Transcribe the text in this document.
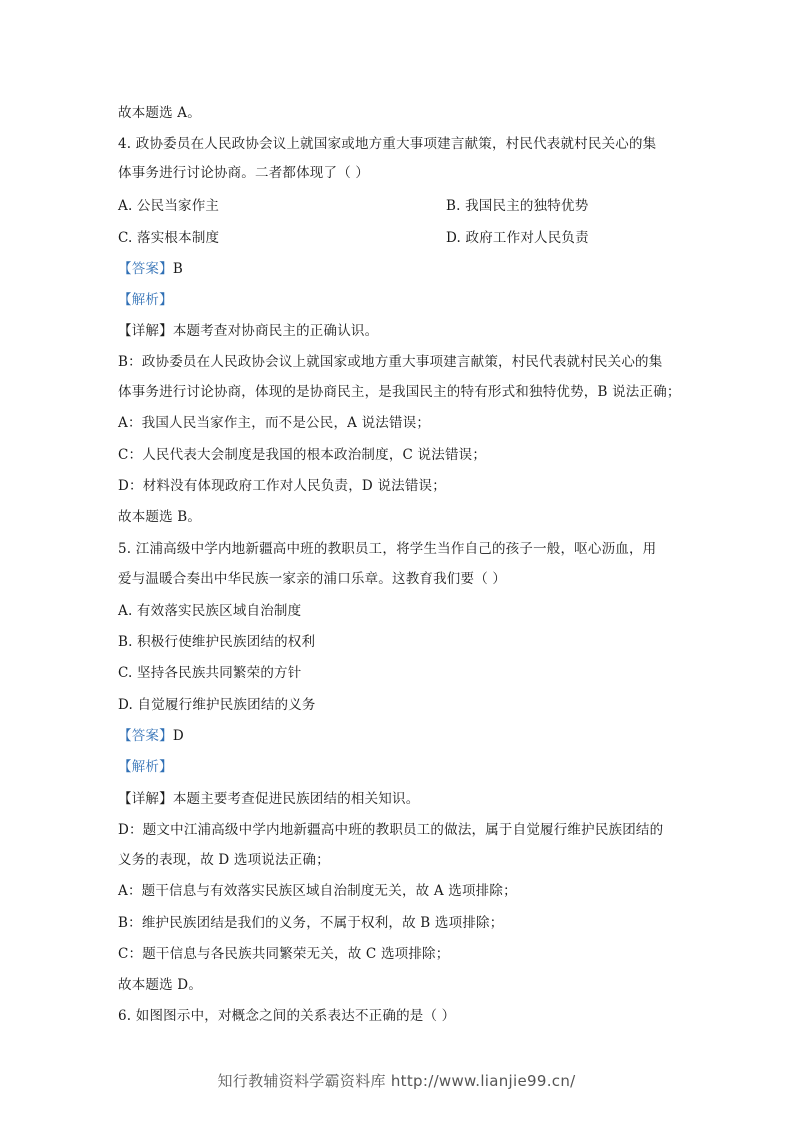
故本题选 A。
4. 政协委员在人民政协会议上就国家或地方重大事项建言献策，村民代表就村民关心的集
体事务进行讨论协商。二者都体现了（ ）
A. 公民当家作主	B. 我国民主的独特优势
C. 落实根本制度	D. 政府工作对人民负责
【答案】B
【解析】
【详解】本题考查对协商民主的正确认识。
B：政协委员在人民政协会议上就国家或地方重大事项建言献策，村民代表就村民关心的集
体事务进行讨论协商，体现的是协商民主，是我国民主的特有形式和独特优势，B 说法正确；
A：我国人民当家作主，而不是公民，A 说法错误；
C：人民代表大会制度是我国的根本政治制度，C 说法错误；
D：材料没有体现政府工作对人民负责，D 说法错误；
故本题选 B。
5. 江浦高级中学内地新疆高中班的教职员工，将学生当作自己的孩子一般，呕心沥血，用
爱与温暖合奏出中华民族一家亲的浦口乐章。这教育我们要（ ）
A. 有效落实民族区域自治制度
B. 积极行使维护民族团结的权利
C. 坚持各民族共同繁荣的方针
D. 自觉履行维护民族团结的义务
【答案】D
【解析】
【详解】本题主要考查促进民族团结的相关知识。
D：题文中江浦高级中学内地新疆高中班的教职员工的做法，属于自觉履行维护民族团结的
义务的表现，故 D 选项说法正确；
A：题干信息与有效落实民族区域自治制度无关，故 A 选项排除；
B：维护民族团结是我们的义务，不属于权利，故 B 选项排除；
C：题干信息与各民族共同繁荣无关，故 C 选项排除；
故本题选 D。
6. 如图图示中，对概念之间的关系表达不正确的是（ ）
知行教辅资料学霸资料库 http://www.lianjie99.cn/
